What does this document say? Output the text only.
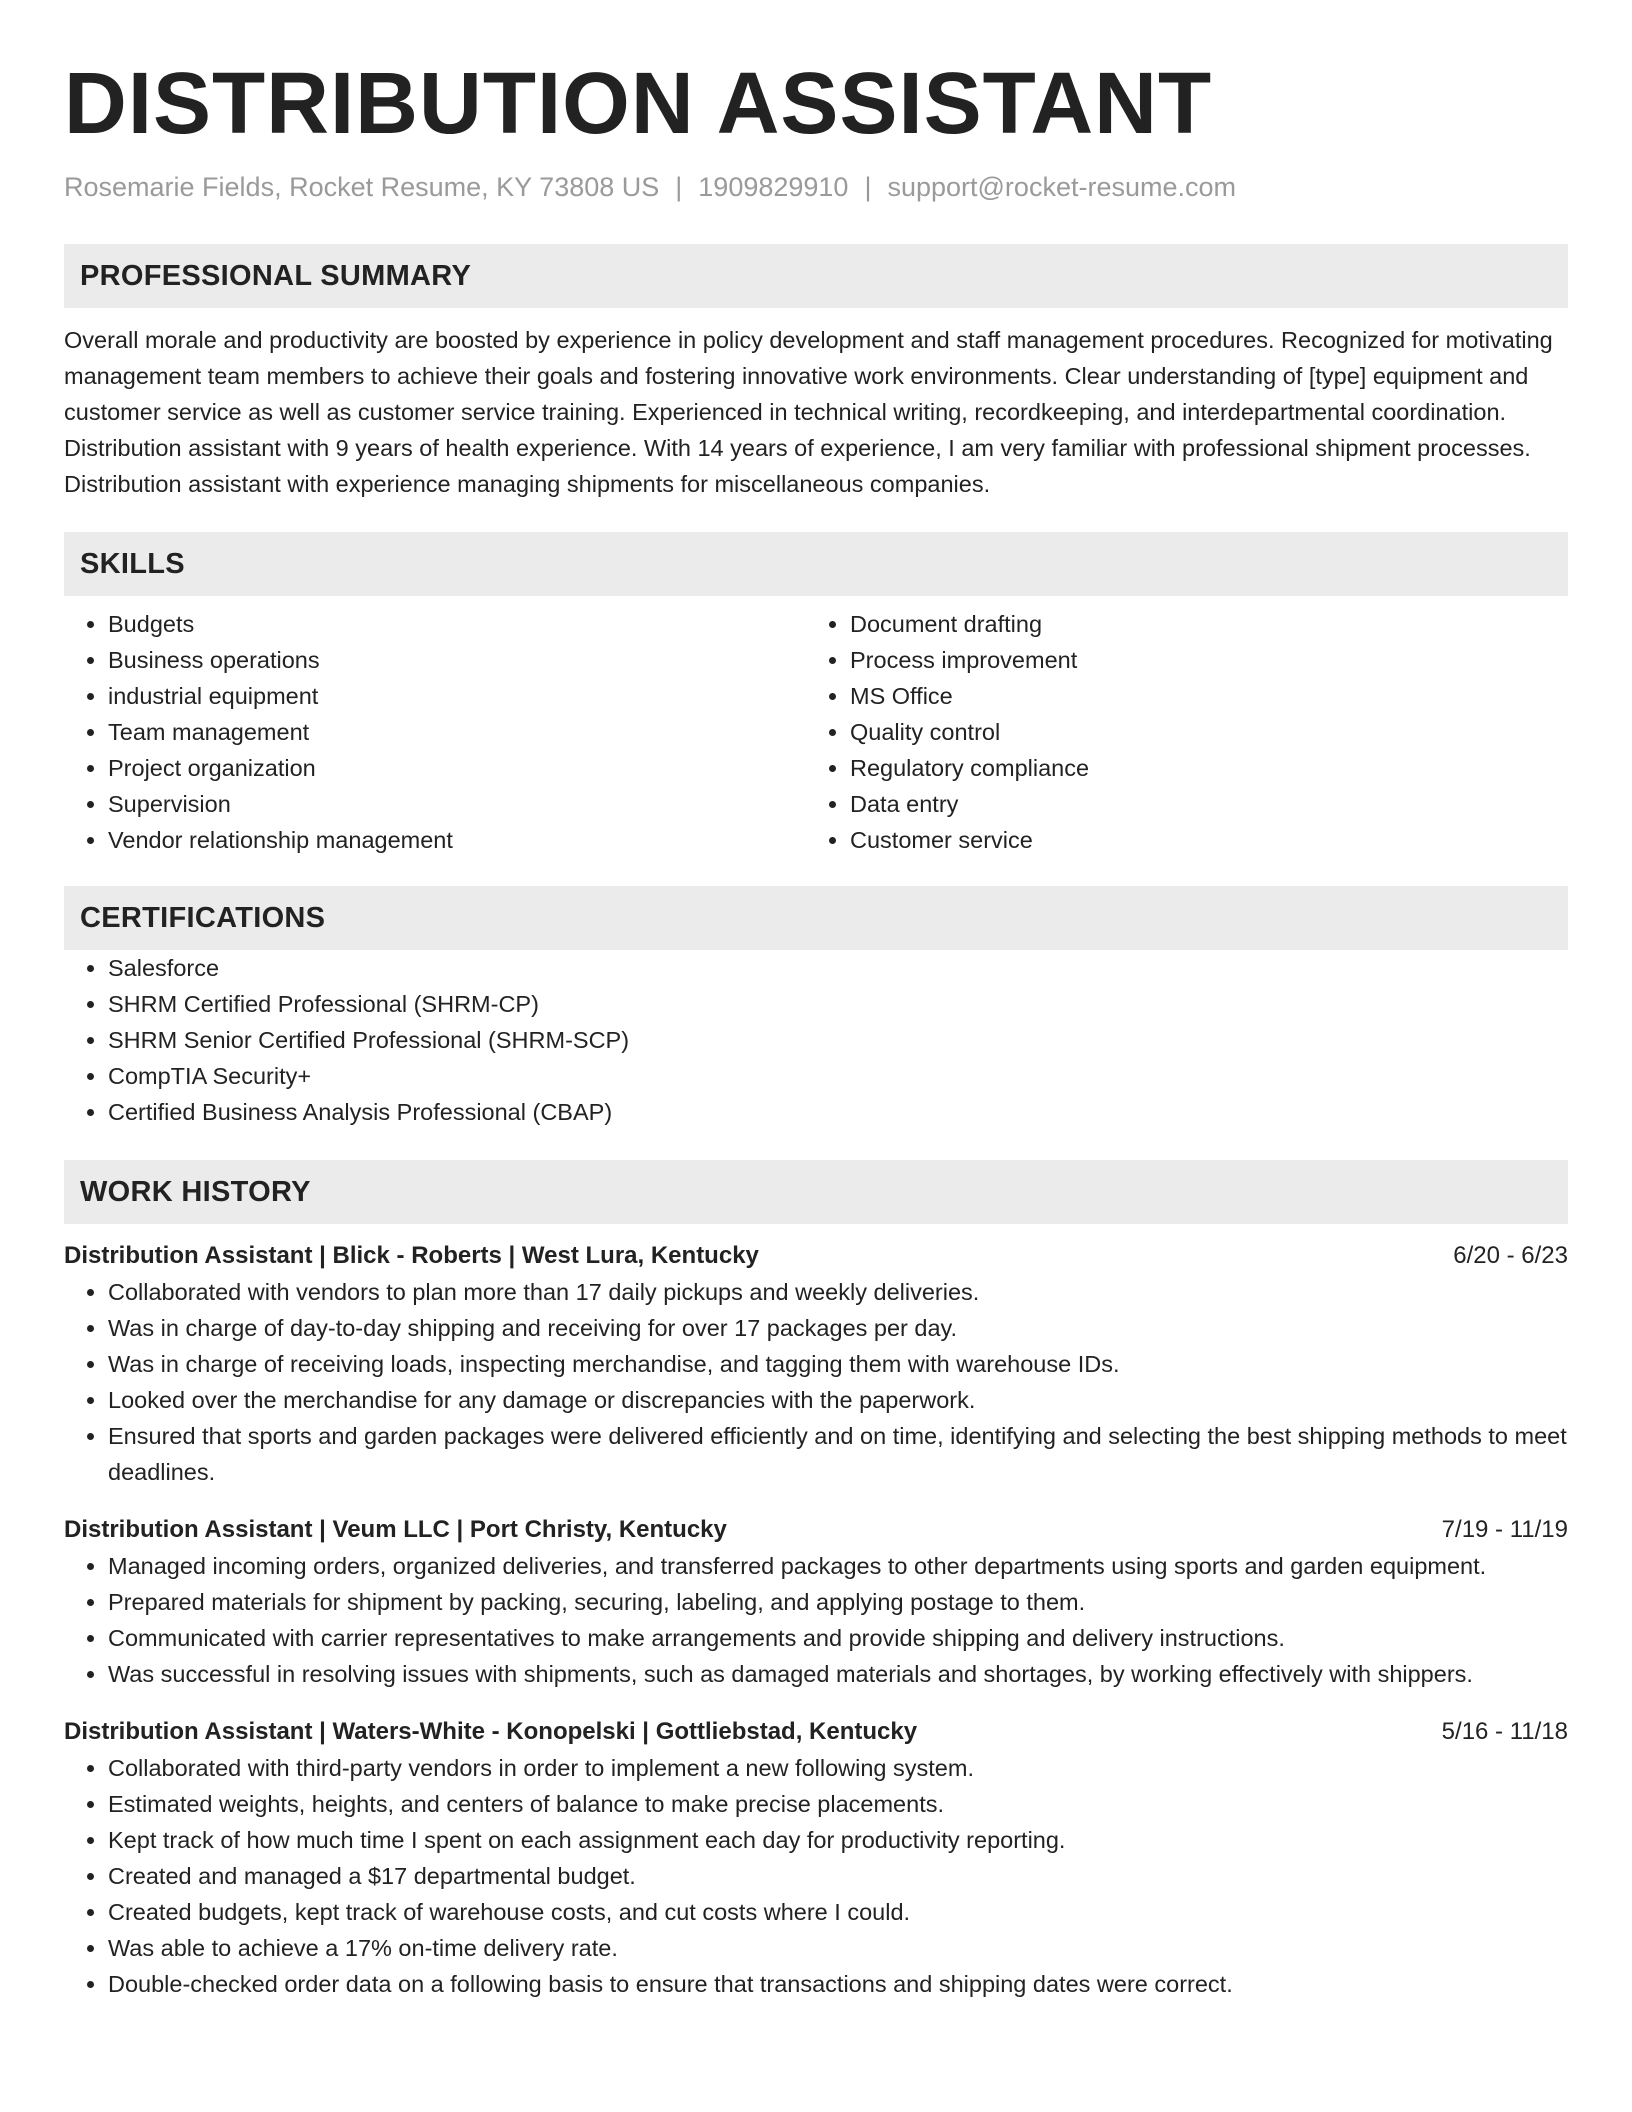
DISTRIBUTION ASSISTANT
Rosemarie Fields, Rocket Resume, KY 73808 US | 1909829910 | support@rocket-resume.com
PROFESSIONAL SUMMARY

Overall morale and productivity are boosted by experience in policy development and staff management procedures. Recognized for motivating management team members to achieve their goals and fostering innovative work environments. Clear understanding of [type] equipment and customer service as well as customer service training. Experienced in technical writing, recordkeeping, and interdepartmental coordination. Distribution assistant with 9 years of health experience. With 14 years of experience, I am very familiar with professional shipment processes. Distribution assistant with experience managing shipments for miscellaneous companies.

SKILLS
• Budgets
• Business operations
• industrial equipment
• Team management
• Project organization
• Supervision
• Vendor relationship management
• Document drafting
• Process improvement
• MS Office
• Quality control
• Regulatory compliance
• Data entry
• Customer service
CERTIFICATIONS
• Salesforce
• SHRM Certified Professional (SHRM-CP)
• SHRM Senior Certified Professional (SHRM-SCP)
• CompTIA Security+
• Certified Business Analysis Professional (CBAP)
WORK HISTORY
Distribution Assistant | Blick - Roberts | West Lura, Kentucky	6/20 - 6/23
• Collaborated with vendors to plan more than 17 daily pickups and weekly deliveries.
• Was in charge of day-to-day shipping and receiving for over 17 packages per day.
• Was in charge of receiving loads, inspecting merchandise, and tagging them with warehouse IDs.
• Looked over the merchandise for any damage or discrepancies with the paperwork.
• Ensured that sports and garden packages were delivered efficiently and on time, identifying and selecting the best shipping methods to meet deadlines.
Distribution Assistant | Veum LLC | Port Christy, Kentucky	7/19 - 11/19
• Managed incoming orders, organized deliveries, and transferred packages to other departments using sports and garden equipment.
• Prepared materials for shipment by packing, securing, labeling, and applying postage to them.
• Communicated with carrier representatives to make arrangements and provide shipping and delivery instructions.
• Was successful in resolving issues with shipments, such as damaged materials and shortages, by working effectively with shippers.
Distribution Assistant | Waters-White - Konopelski | Gottliebstad, Kentucky	5/16 - 11/18
• Collaborated with third-party vendors in order to implement a new following system.
• Estimated weights, heights, and centers of balance to make precise placements.
• Kept track of how much time I spent on each assignment each day for productivity reporting.
• Created and managed a $17 departmental budget.
• Created budgets, kept track of warehouse costs, and cut costs where I could.
• Was able to achieve a 17% on-time delivery rate.
• Double-checked order data on a following basis to ensure that transactions and shipping dates were correct.
